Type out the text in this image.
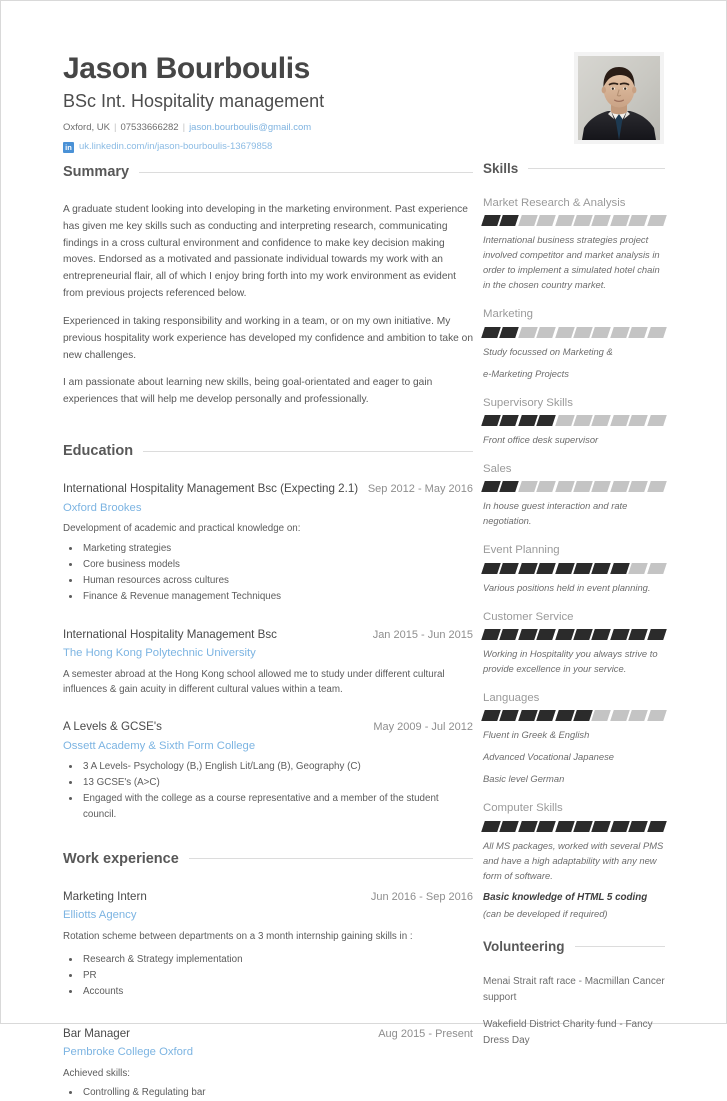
Jason Bourboulis
BSc Int. Hospitality management
Oxford, UK | 07533666282 | jason.bourboulis@gmail.com
in uk.linkedin.com/in/jason-bourboulis-13679858
Summary

A graduate student looking into developing in the marketing environment. Past experience has given me key skills such as conducting and interpreting research, communicating findings in a cross cultural environment and confidence to make key decision making moves. Endorsed as a motivated and passionate individual towards my work with an entrepreneurial flair, all of which I enjoy bring forth into my work environment as evident from previous projects referenced below.

Experienced in taking responsibility and working in a team, or on my own initiative. My previous hospitality work experience has developed my confidence and ambition to take on new challenges.

I am passionate about learning new skills, being goal-orientated and eager to gain experiences that will help me develop personally and professionally.

Education
International Hospitality Management Bsc (Expecting 2.1) Sep 2012 - May 2016
Oxford Brookes
Development of academic and practical knowledge on:
• Marketing strategies
• Core business models
• Human resources across cultures
• Finance & Revenue management Techniques
International Hospitality Management Bsc	Jan 2015 - Jun 2015
The Hong Kong Polytechnic University
A semester abroad at the Hong Kong school allowed me to study under different cultural influences & gain acuity in different cultural values within a team.
A Levels & GCSE's	May 2009 - Jul 2012
Ossett Academy & Sixth Form College
• 3 A Levels- Psychology (B,) English Lit/Lang (B), Geography (C)
• 13 GCSE's (A>C)
• Engaged with the college as a course representative and a member of the student council.
Work experience
Marketing Intern	Jun 2016 - Sep 2016
Elliotts Agency
Rotation scheme between departments on a 3 month internship gaining skills in :
• Research & Strategy implementation
• PR
• Accounts
Bar Manager	Aug 2015 - Present
Pembroke College Oxford
Achieved skills:
• Controlling & Regulating bar
Skills
Market Research & Analysis
International business strategies project involved competitor and market analysis in order to implement a simulated hotel chain in the chosen country market.
Marketing
Study focussed on Marketing &
e-Marketing Projects
Supervisory Skills
Front office desk supervisor
Sales
In house guest interaction and rate negotiation.
Event Planning
Various positions held in event planning.
Customer Service
Working in Hospitality you always strive to provide excellence in your service.
Languages
Fluent in Greek & English
Advanced Vocational Japanese
Basic level German
Computer Skills
All MS packages, worked with several PMS and have a high adaptability with any new form of software.
Basic knowledge of HTML 5 coding
(can be developed if required)
Volunteering
Menai Strait raft race - Macmillan Cancer support
Wakefield District Charity fund - Fancy Dress Day
